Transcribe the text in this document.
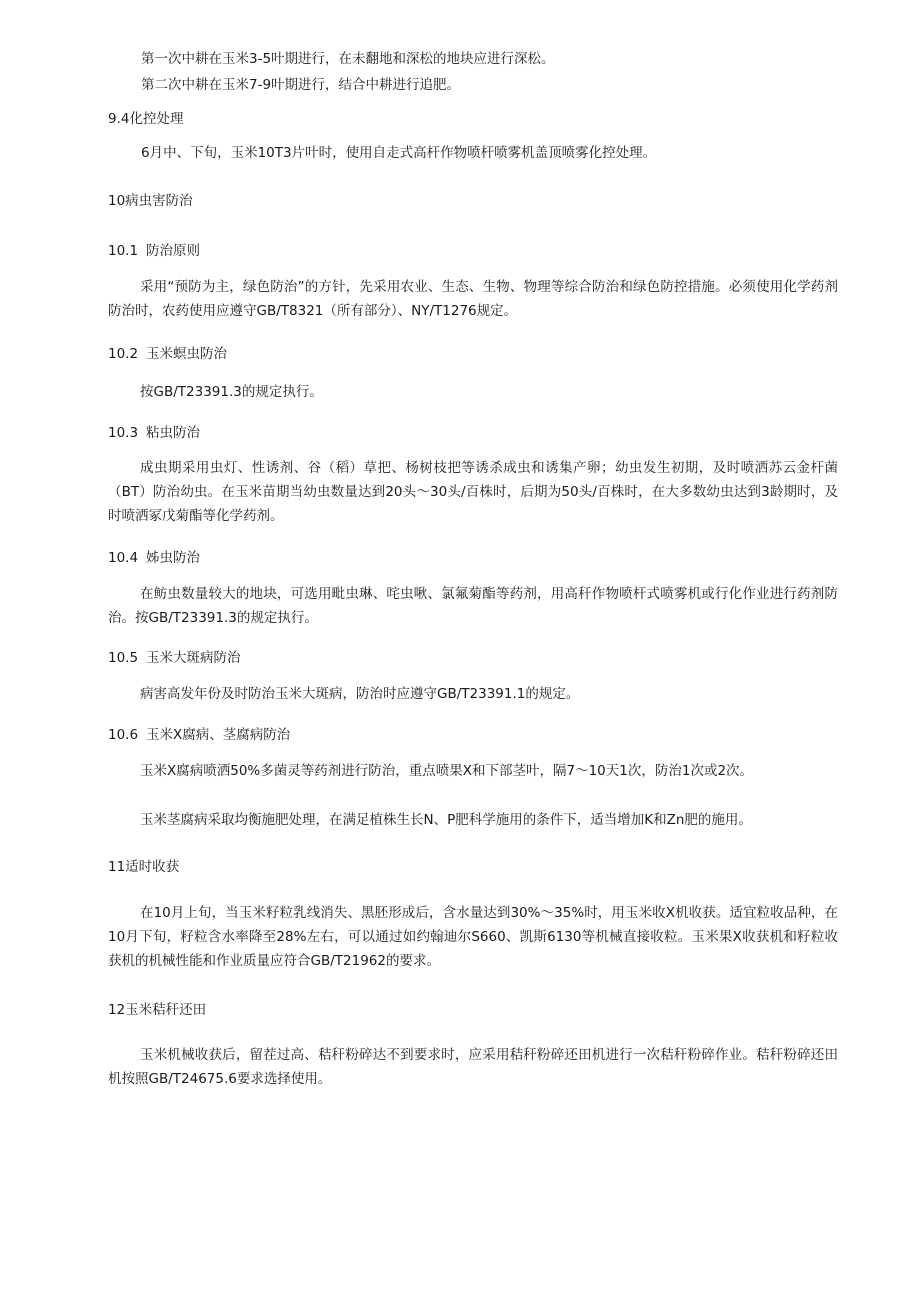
第一次中耕在玉米3-5叶期进行，在未翻地和深松的地块应进行深松。

第二次中耕在玉米7-9叶期进行，结合中耕进行追肥。

9.4化控处理

6月中、下旬，玉米10T3片叶时，使用自走式高杆作物喷杆喷雾机盖顶喷雾化控处理。

10病虫害防治

10.1 防治原则

采用“预防为主，绿色防治”的方针，先采用农业、生态、生物、物理等综合防治和绿色防控措施。必须使用化学药剂防治时，农药使用应遵守GB/T8321（所有部分）、NY/T1276规定。

10.2 玉米螟虫防治

按GB/T23391.3的规定执行。

10.3 粘虫防治

成虫期采用虫灯、性诱剂、谷（稻）草把、杨树枝把等诱杀成虫和诱集产卵；幼虫发生初期，及时喷洒苏云金杆菌（BT）防治幼虫。在玉米苗期当幼虫数量达到20头～30头/百株时，后期为50头/百株时，在大多数幼虫达到3龄期时，及时喷洒冢戊菊酯等化学药剂。

10.4 姊虫防治

在鲂虫数量较大的地块，可选用毗虫琳、咤虫啾、氯氟菊酯等药剂，用高秆作物喷杆式喷雾机或行化作业进行药剂防治。按GB/T23391.3的规定执行。

10.5 玉米大斑病防治

病害高发年份及时防治玉米大斑病，防治时应遵守GB/T23391.1的规定。

10.6 玉米X腐病、茎腐病防治

玉米X腐病喷洒50%多菌灵等药剂进行防治，重点喷果X和下部茎叶，隔7～10天1次，防治1次或2次。

玉米茎腐病采取均衡施肥处理，在满足植株生长N、P肥科学施用的条件下，适当增加K和Zn肥的施用。

11适时收获

在10月上旬，当玉米籽粒乳线消失、黑胚形成后，含水量达到30%～35%时，用玉米收X机收获。适宜粒收品种，在10月下旬，籽粒含水率降至28%左右，可以通过如约翰迪尔S660、凯斯6130等机械直接收粒。玉米果X收获机和籽粒收获机的机械性能和作业质量应符合GB/T21962的要求。

12玉米秸秆还田

玉米机械收获后，留茬过高、秸秆粉碎达不到要求时，应采用秸秆粉碎还田机进行一次秸秆粉碎作业。秸秆粉碎还田机按照GB/T24675.6要求选择使用。
